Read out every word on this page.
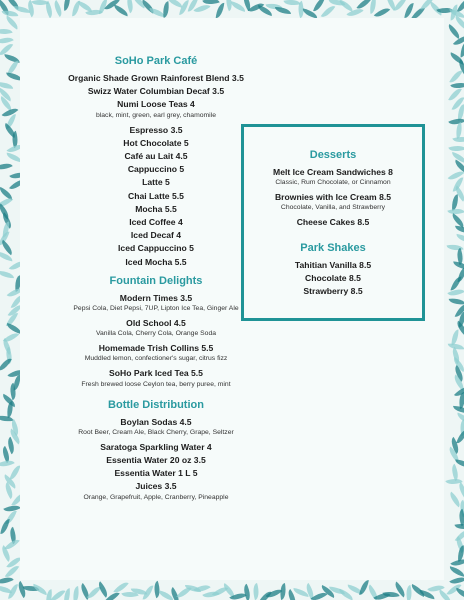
SoHo Park Café
Organic Shade Grown Rainforest Blend 3.5
Swizz Water Columbian Decaf 3.5
Numi Loose Teas 4
black, mint, green, earl grey, chamomile
Espresso 3.5
Hot Chocolate 5
Café au Lait 4.5
Cappuccino 5
Latte 5
Chai Latte 5.5
Mocha 5.5
Iced Coffee 4
Iced Decaf 4
Iced Cappuccino 5
Iced Mocha 5.5
Fountain Delights
Modern Times 3.5
Pepsi Cola, Diet Pepsi, 7UP, Lipton Ice Tea, Ginger Ale
Old School 4.5
Vanilla Cola, Cherry Cola, Orange Soda
Homemade Trish Collins 5.5
Muddled lemon, confectioner's sugar, citrus fizz
SoHo Park Iced Tea 5.5
Fresh brewed loose Ceylon tea, berry puree, mint
Bottle Distribution
Boylan Sodas 4.5
Root Beer, Cream Ale, Black Cherry, Grape, Seltzer
Saratoga Sparkling Water 4
Essentia Water 20 oz 3.5
Essentia Water 1 L 5
Juices 3.5
Orange, Grapefruit, Apple, Cranberry, Pineapple
Desserts
Melt Ice Cream Sandwiches 8
Classic, Rum Chocolate, or Cinnamon
Brownies with Ice Cream 8.5
Chocolate, Vanilla, and Strawberry
Cheese Cakes 8.5
Park Shakes
Tahitian Vanilla 8.5
Chocolate 8.5
Strawberry 8.5
